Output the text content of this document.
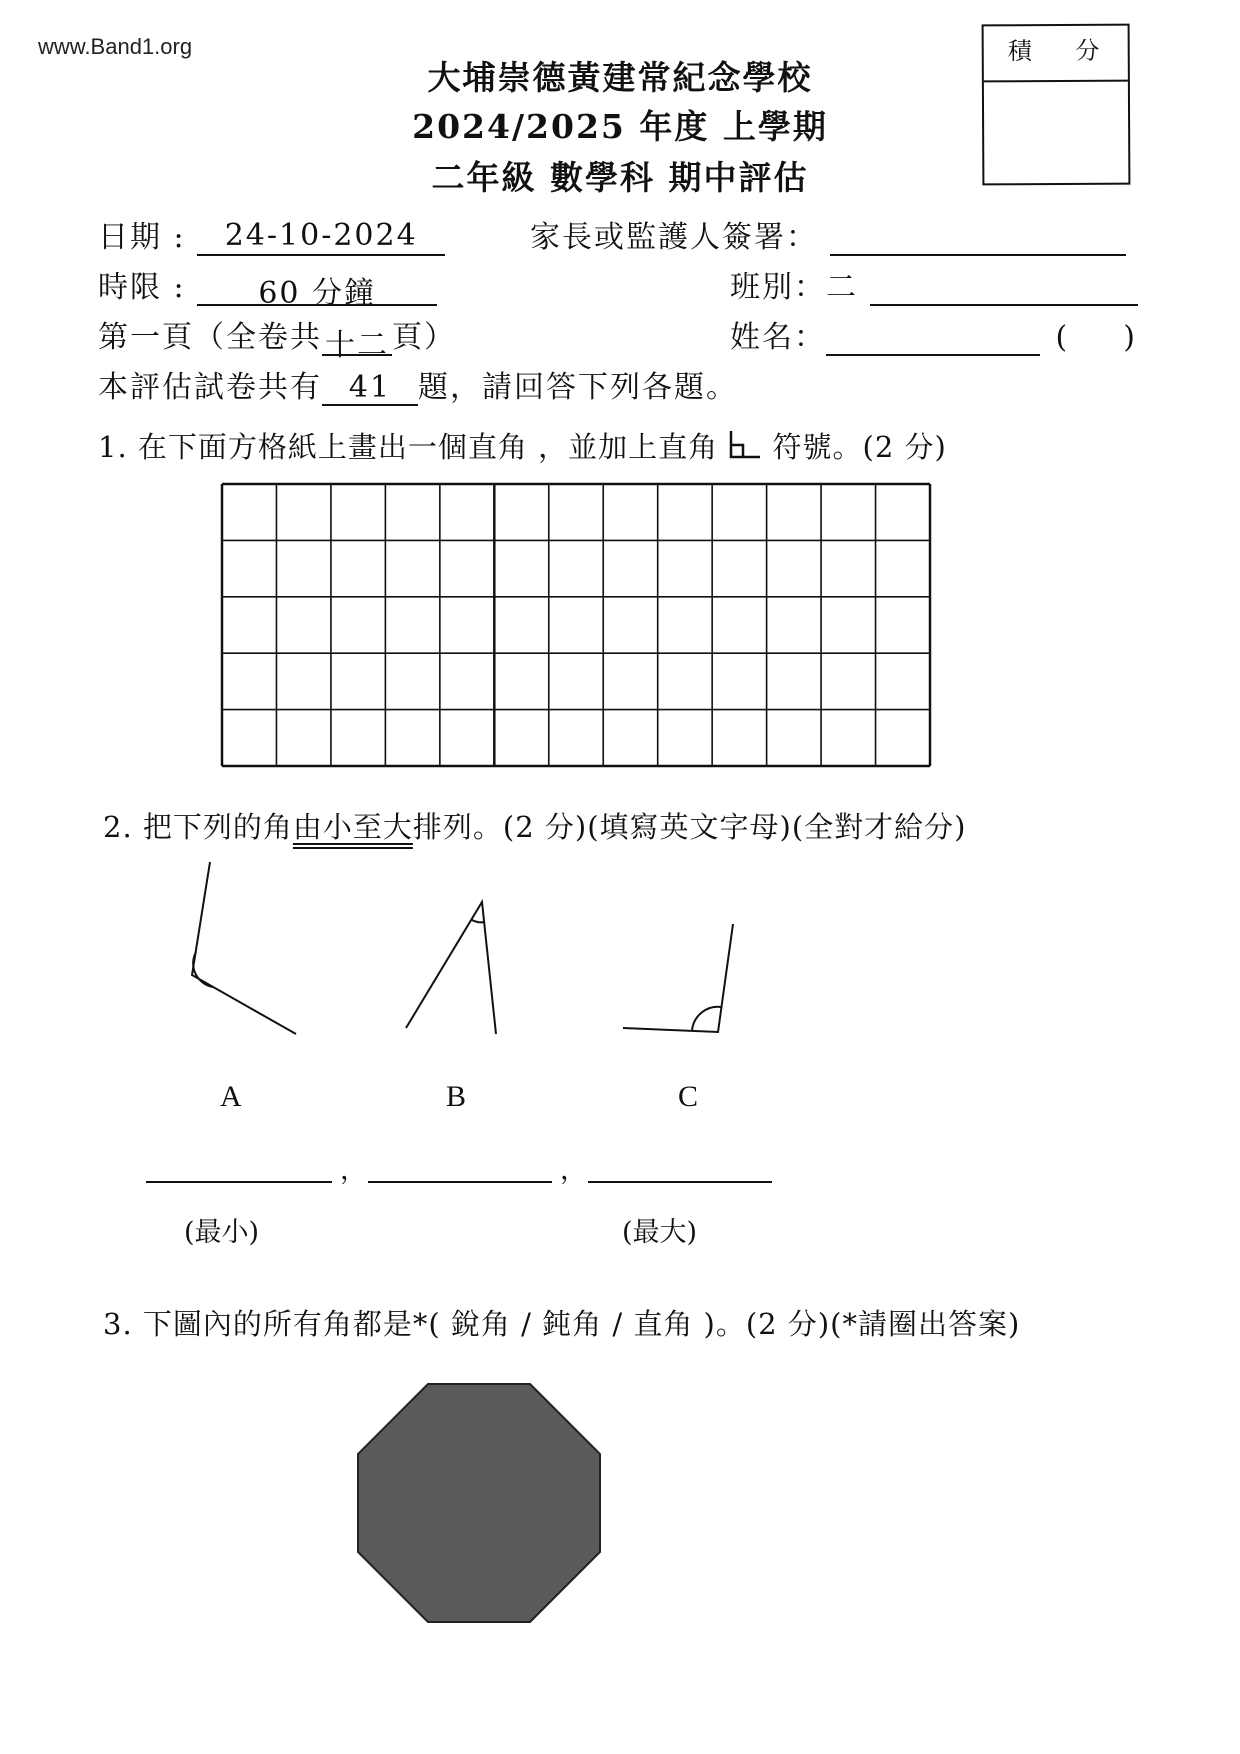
www.Band1.org
大埔崇德黃建常紀念學校
2024/2025 年度 上學期
二年級 數學科 期中評估
積 分
日期 : 24-10-2024	家長或監護人簽署：
時限 : 60 分鐘	班別：二
第一頁（全卷共 十二 頁）	姓名：	( )
本評估試卷共有 41 題，請回答下列各題。
1. 在下面方格紙上畫出一個直角 ，並加上直角 符號。(2 分)
2. 把下列的角由小至大排列。(2 分)(填寫英文字母)(全對才給分)
A	B	C
，	，
(最小)	(最大)
3. 下圖內的所有角都是*( 銳角 / 鈍角 / 直角 )。(2 分)(*請圈出答案)
